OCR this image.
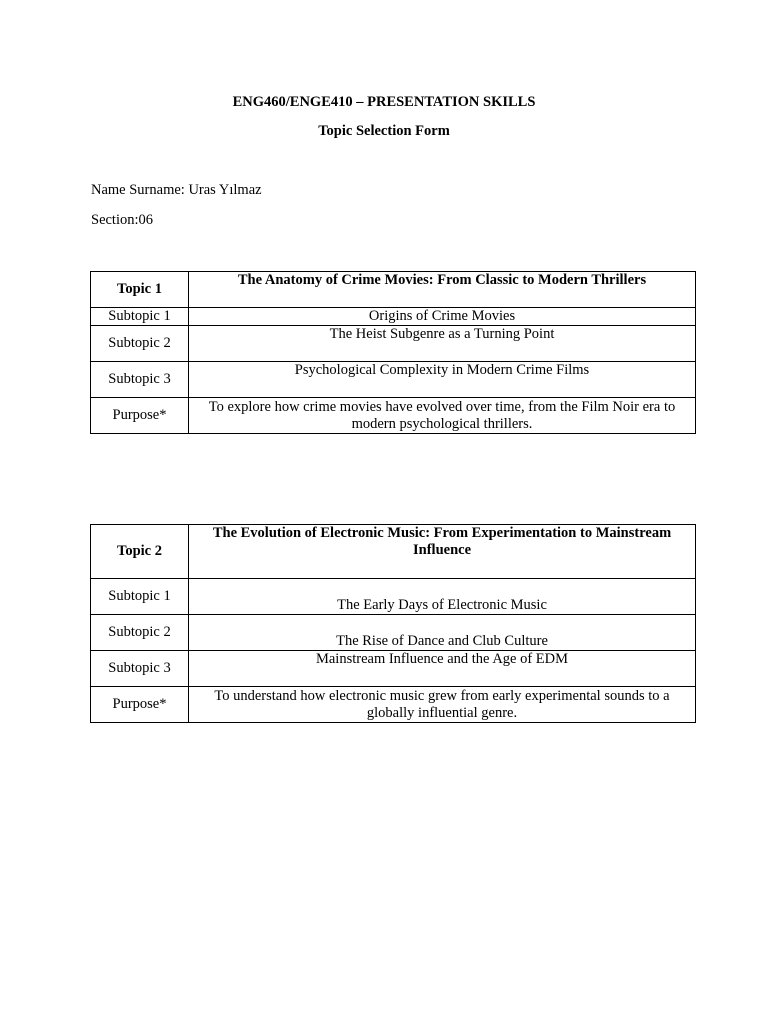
ENG460/ENGE410 – PRESENTATION SKILLS
Topic Selection Form
Name Surname: Uras Yılmaz
Section:06
Topic 1	The Anatomy of Crime Movies: From Classic to Modern Thrillers
Subtopic 1	Origins of Crime Movies
Subtopic 2	The Heist Subgenre as a Turning Point
Subtopic 3	Psychological Complexity in Modern Crime Films
Purpose*	To explore how crime movies have evolved over time, from the Film Noir era to modern psychological thrillers.
Topic 2	The Evolution of Electronic Music: From Experimentation to Mainstream Influence
Subtopic 1	The Early Days of Electronic Music
Subtopic 2	The Rise of Dance and Club Culture
Subtopic 3	Mainstream Influence and the Age of EDM
Purpose*	To understand how electronic music grew from early experimental sounds to a globally influential genre.
